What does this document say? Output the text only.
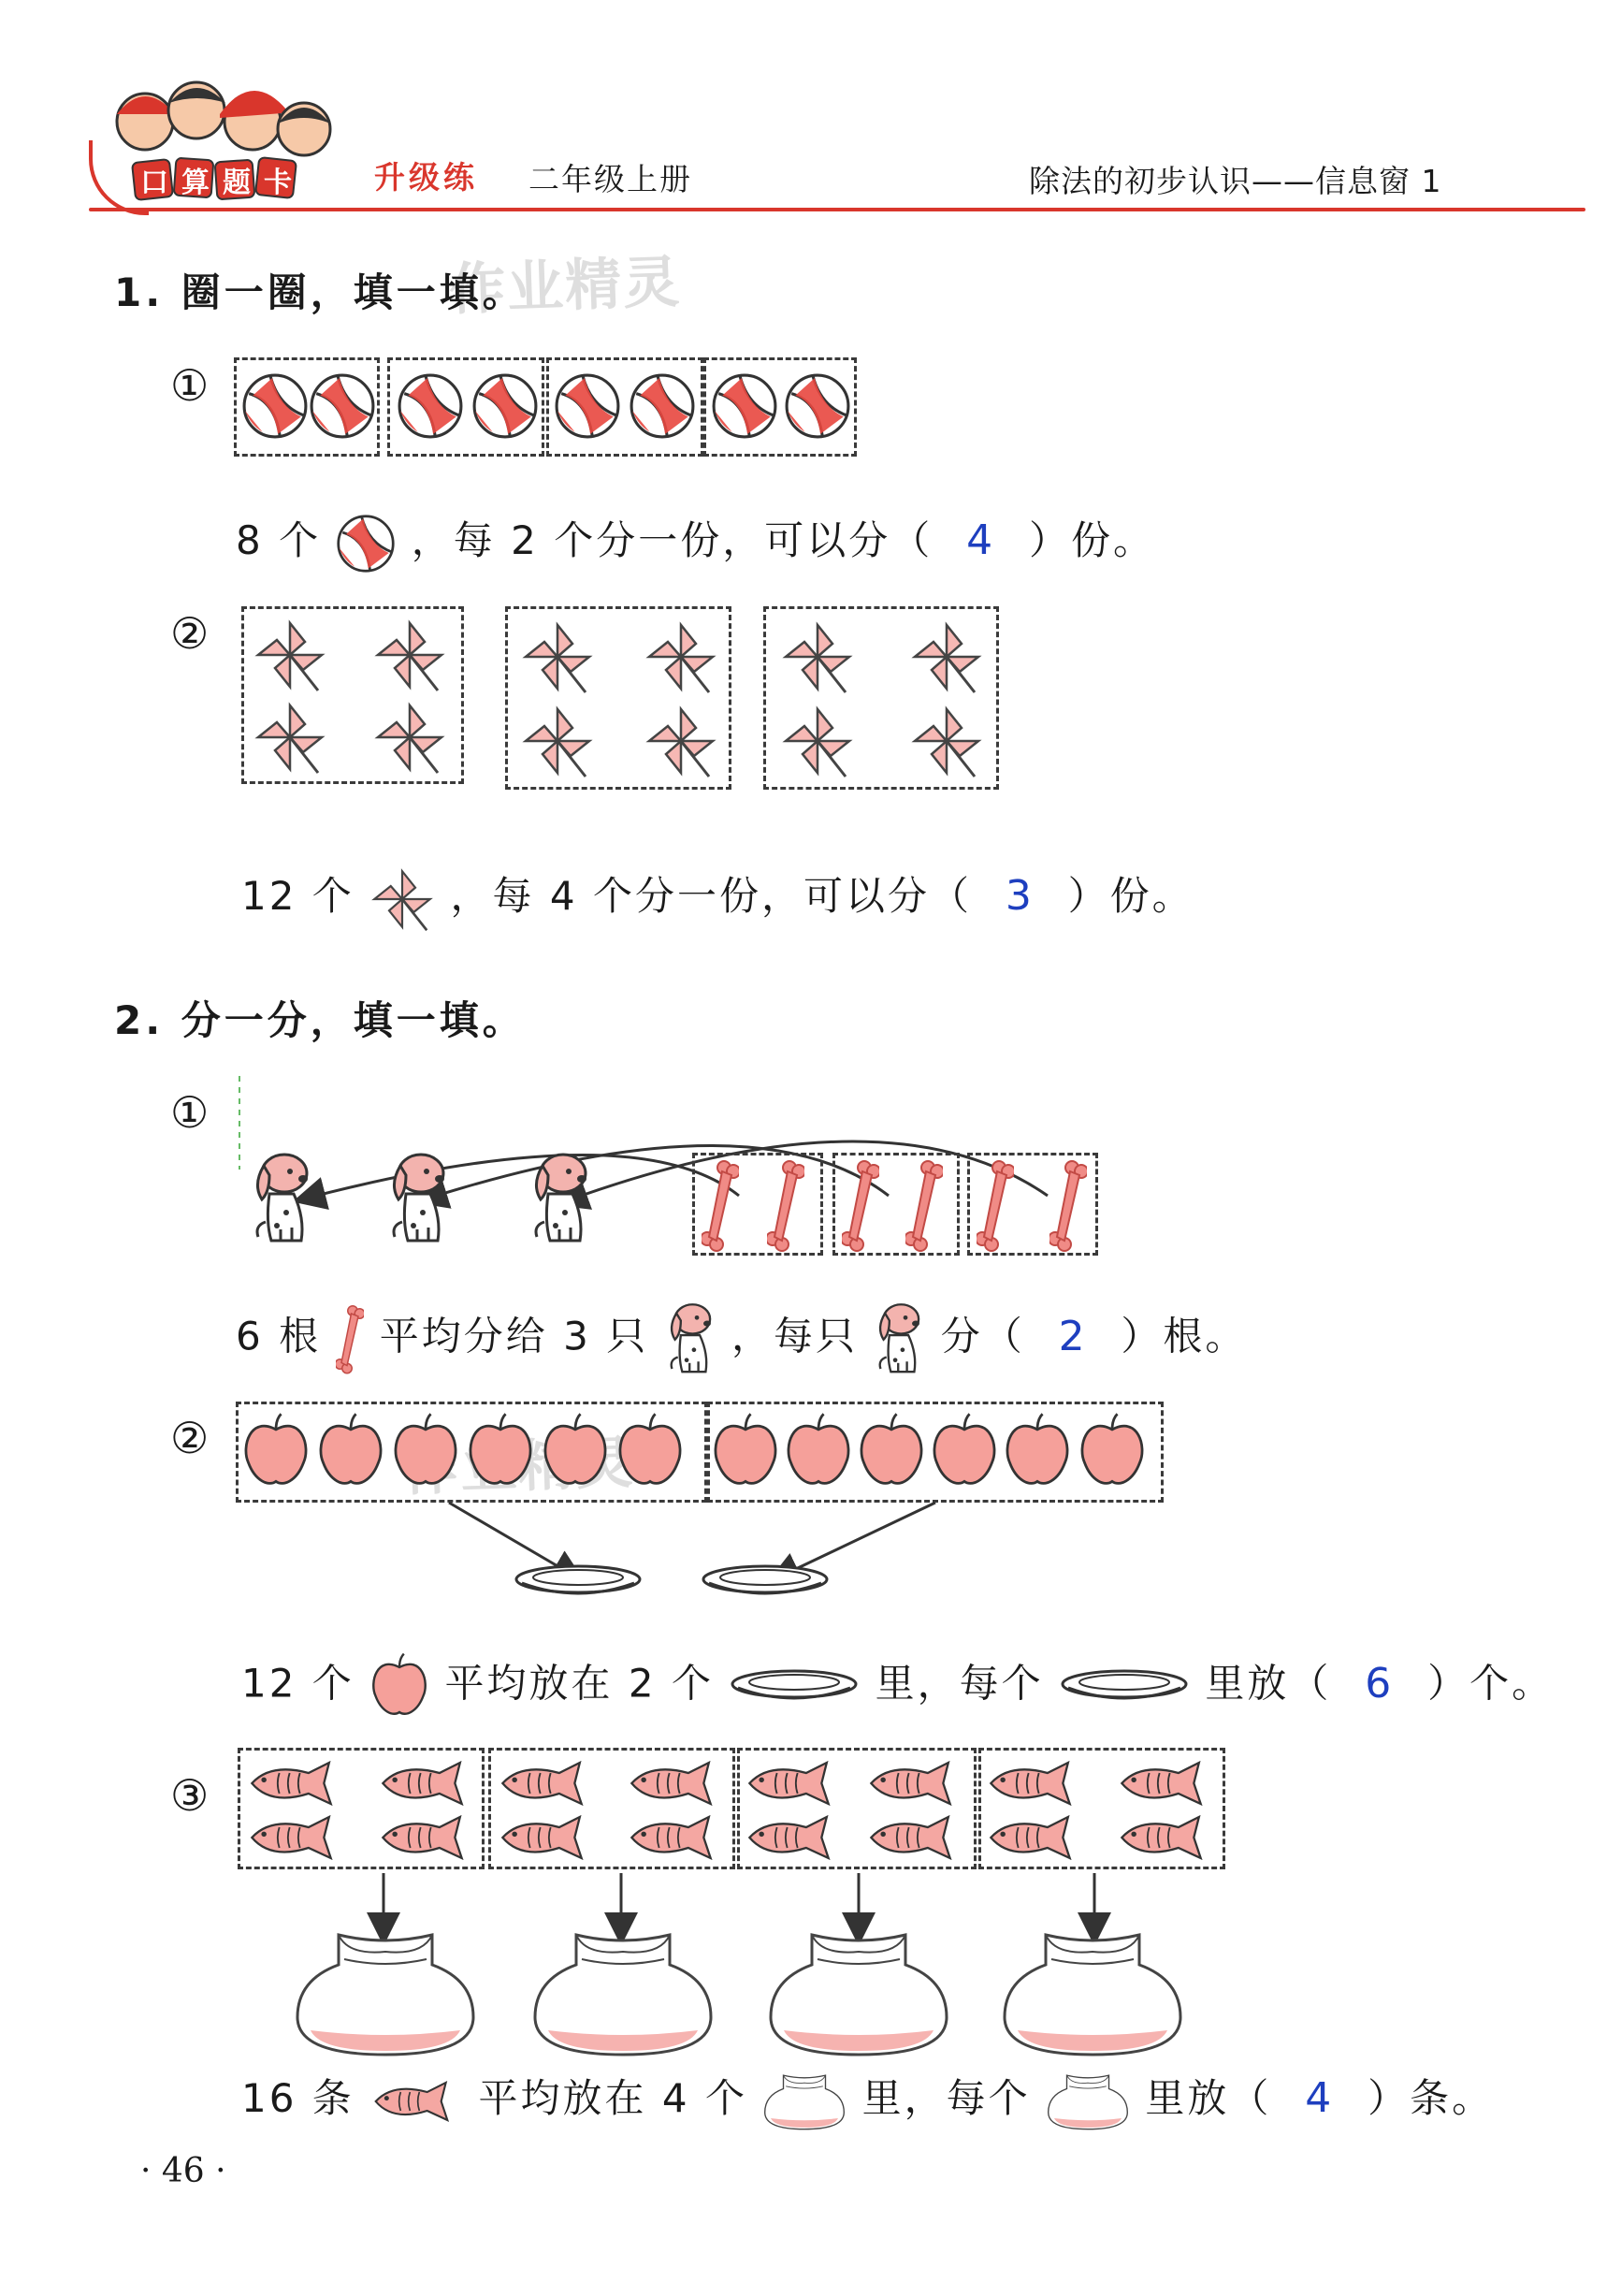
口算题卡 升级练 二年级上册	除法的初步认识——信息窗 1
作业精灵
1. 圈一圈，填一填。
①
8 个 ，每 2 个分一份，可以分（ 4 ）份。
②
12 个 ，每 4 个分一份，可以分（ 3 ）份。
2. 分一分，填一填。
①
6 根 平均分给 3 只 ，每只 分（ 2 ）根。
②
12 个 平均放在 2 个	里，每个	里放（ 6 ）个。
③
16 条	平均放在 4 个	里，每个	里放（ 4 ）条。
· 46 ·
